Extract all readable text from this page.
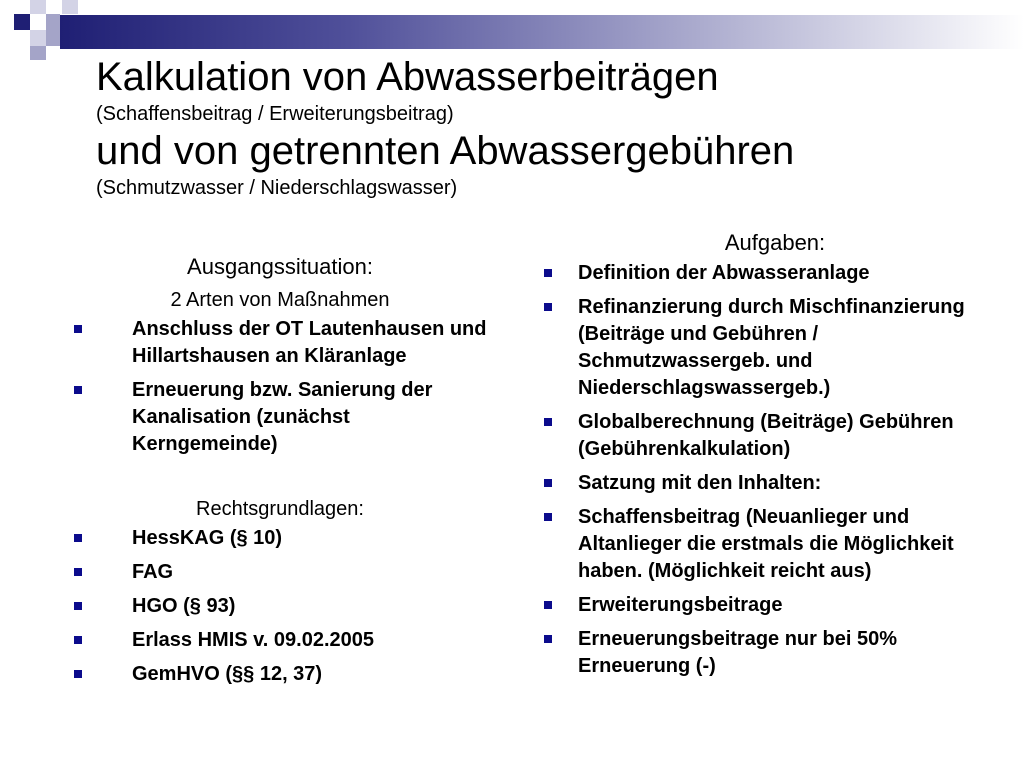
Kalkulation von Abwasserbeiträgen

(Schaffensbeitrag / Erweiterungsbeitrag)

und von getrennten Abwassergebühren

(Schmutzwasser / Niederschlagswasser)

Ausgangssituation:

2 Arten von Maßnahmen

Anschluss der OT Lautenhausen und Hillartshausen an Kläranlage
Erneuerung bzw. Sanierung der Kanalisation (zunächst Kerngemeinde)

Rechtsgrundlagen:

HessKAG (§ 10)
FAG
HGO (§ 93)
Erlass HMIS v. 09.02.2005
GemHVO (§§ 12, 37)

Aufgaben:

Definition der Abwasseranlage
Refinanzierung durch Mischfinanzierung (Beiträge und Gebühren / Schmutzwassergeb. und Niederschlagswassergeb.)
Globalberechnung (Beiträge) Gebühren (Gebührenkalkulation)
Satzung mit den Inhalten:
Schaffensbeitrag (Neuanlieger und Altanlieger die erstmals die Möglichkeit haben. (Möglichkeit reicht aus)
Erweiterungsbeitrage
Erneuerungsbeitrage nur bei 50% Erneuerung (-)
